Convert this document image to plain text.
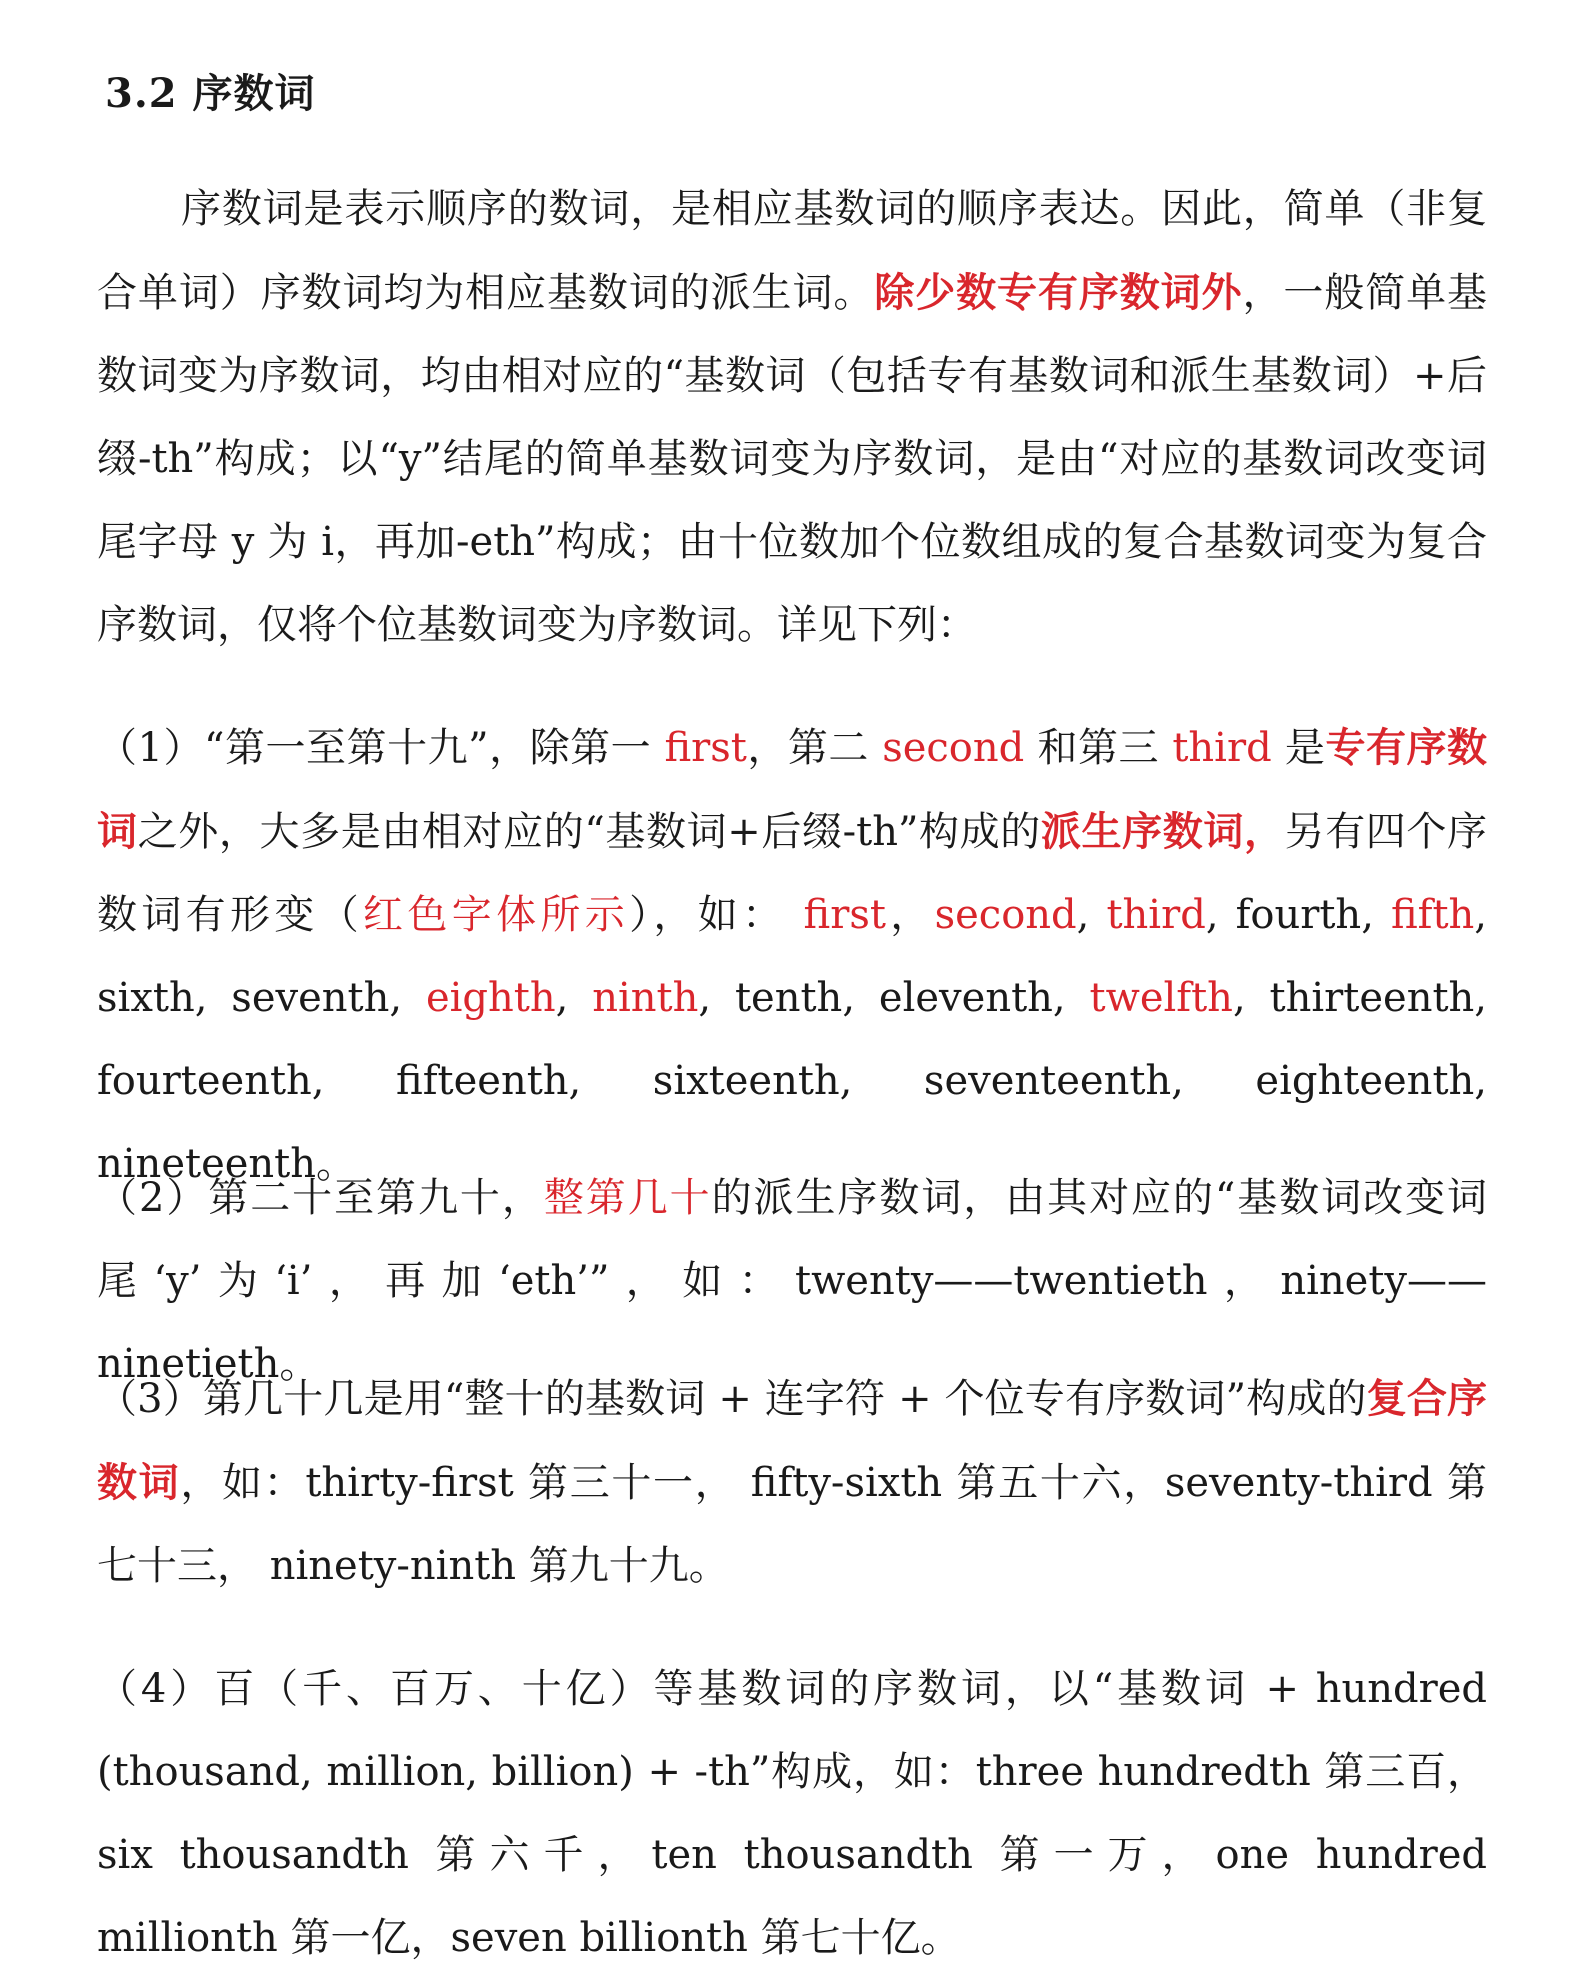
3.2 序数词

序数词是表示顺序的数词，是相应基数词的顺序表达。因此，简单（非复合单词）序数词均为相应基数词的派生词。除少数专有序数词外，一般简单基数词变为序数词，均由相对应的“基数词（包括专有基数词和派生基数词）+后缀-th”构成；以“y”结尾的简单基数词变为序数词，是由“对应的基数词改变词尾字母 y 为 i，再加-eth”构成；由十位数加个位数组成的复合基数词变为复合序数词，仅将个位基数词变为序数词。详见下列：

（1）“第一至第十九”，除第一 first，第二 second 和第三 third 是专有序数词之外，大多是由相对应的“基数词+后缀-th”构成的派生序数词，另有四个序数词有形变（红色字体所示），如： first，second, third, fourth, fifth, sixth, seventh, eighth, ninth, tenth, eleventh, twelfth, thirteenth, fourteenth, fifteenth, sixteenth, seventeenth, eighteenth, nineteenth。

（2）第二十至第九十，整第几十的派生序数词，由其对应的“基数词改变词尾‘y’为‘i’，再加‘eth’”，如：twenty——twentieth，ninety——ninetieth。

（3）第几十几是用“整十的基数词 + 连字符 + 个位专有序数词”构成的复合序数词，如：thirty-first 第三十一， fifty-sixth 第五十六，seventy-third 第七十三， ninety-ninth 第九十九。

（4）百（千、百万、十亿）等基数词的序数词，以“基数词 + hundred (thousand, million, billion) + -th”构成，如：three hundredth 第三百，six thousandth 第六千，ten thousandth 第一万，one hundred millionth 第一亿，seven billionth 第七十亿。
